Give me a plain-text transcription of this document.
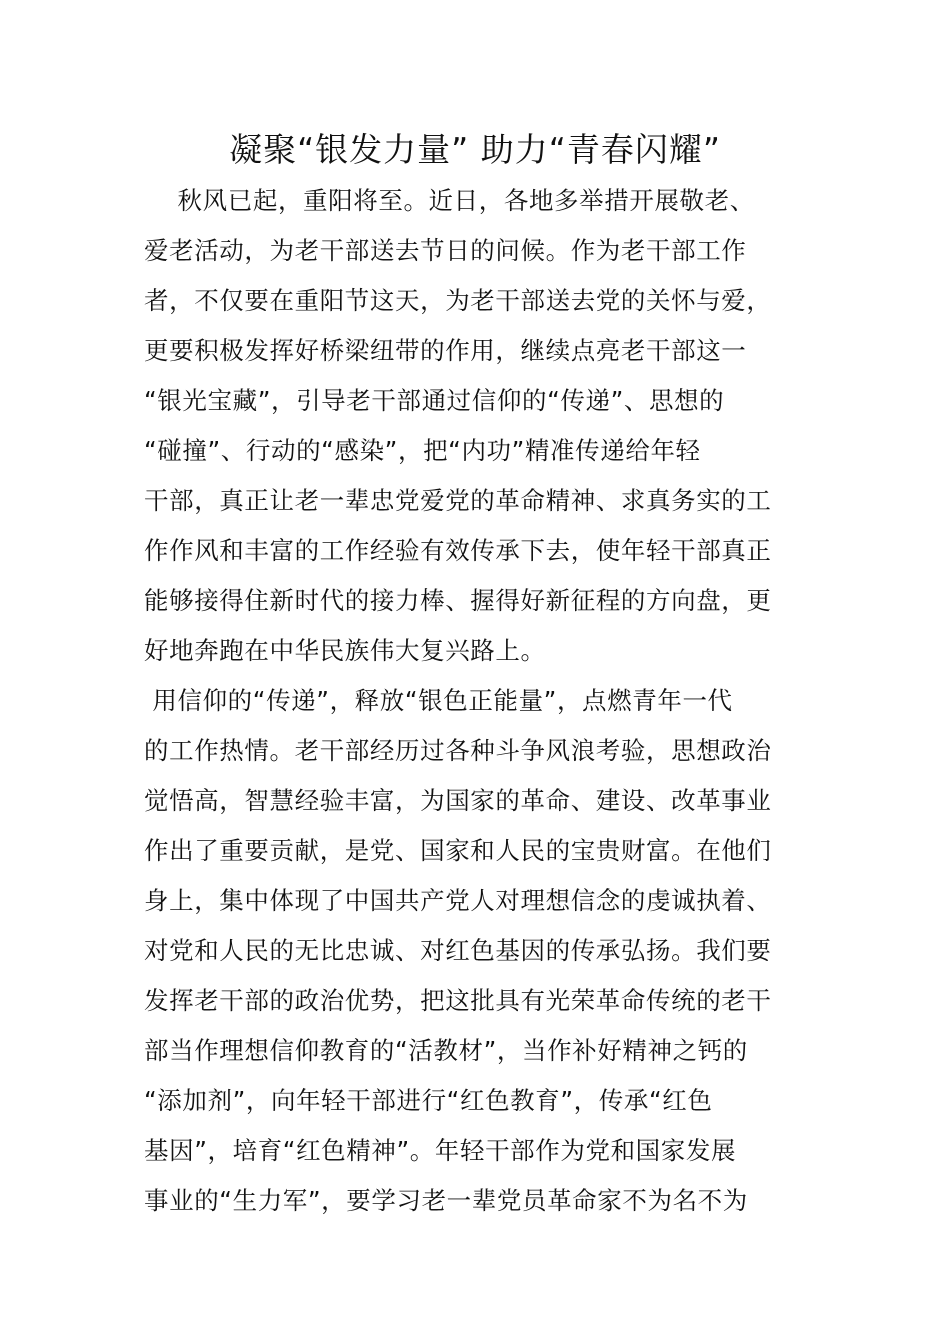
凝聚“银发力量” 助力“青春闪耀”
秋风已起，重阳将至。近日，各地多举措开展敬老、
爱老活动，为老干部送去节日的问候。作为老干部工作
者，不仅要在重阳节这天，为老干部送去党的关怀与爱，
更要积极发挥好桥梁纽带的作用，继续点亮老干部这一
“银光宝藏”，引导老干部通过信仰的“传递”、思想的
“碰撞”、行动的“感染”，把“内功”精准传递给年轻
干部，真正让老一辈忠党爱党的革命精神、求真务实的工
作作风和丰富的工作经验有效传承下去，使年轻干部真正
能够接得住新时代的接力棒、握得好新征程的方向盘，更
好地奔跑在中华民族伟大复兴路上。
用信仰的“传递”，释放“银色正能量”，点燃青年一代
的工作热情。老干部经历过各种斗争风浪考验，思想政治
觉悟高，智慧经验丰富，为国家的革命、建设、改革事业
作出了重要贡献，是党、国家和人民的宝贵财富。在他们
身上，集中体现了中国共产党人对理想信念的虔诚执着、
对党和人民的无比忠诚、对红色基因的传承弘扬。我们要
发挥老干部的政治优势，把这批具有光荣革命传统的老干
部当作理想信仰教育的“活教材”，当作补好精神之钙的
“添加剂”，向年轻干部进行“红色教育”，传承“红色
基因”，培育“红色精神”。年轻干部作为党和国家发展
事业的“生力军”，要学习老一辈党员革命家不为名不为
